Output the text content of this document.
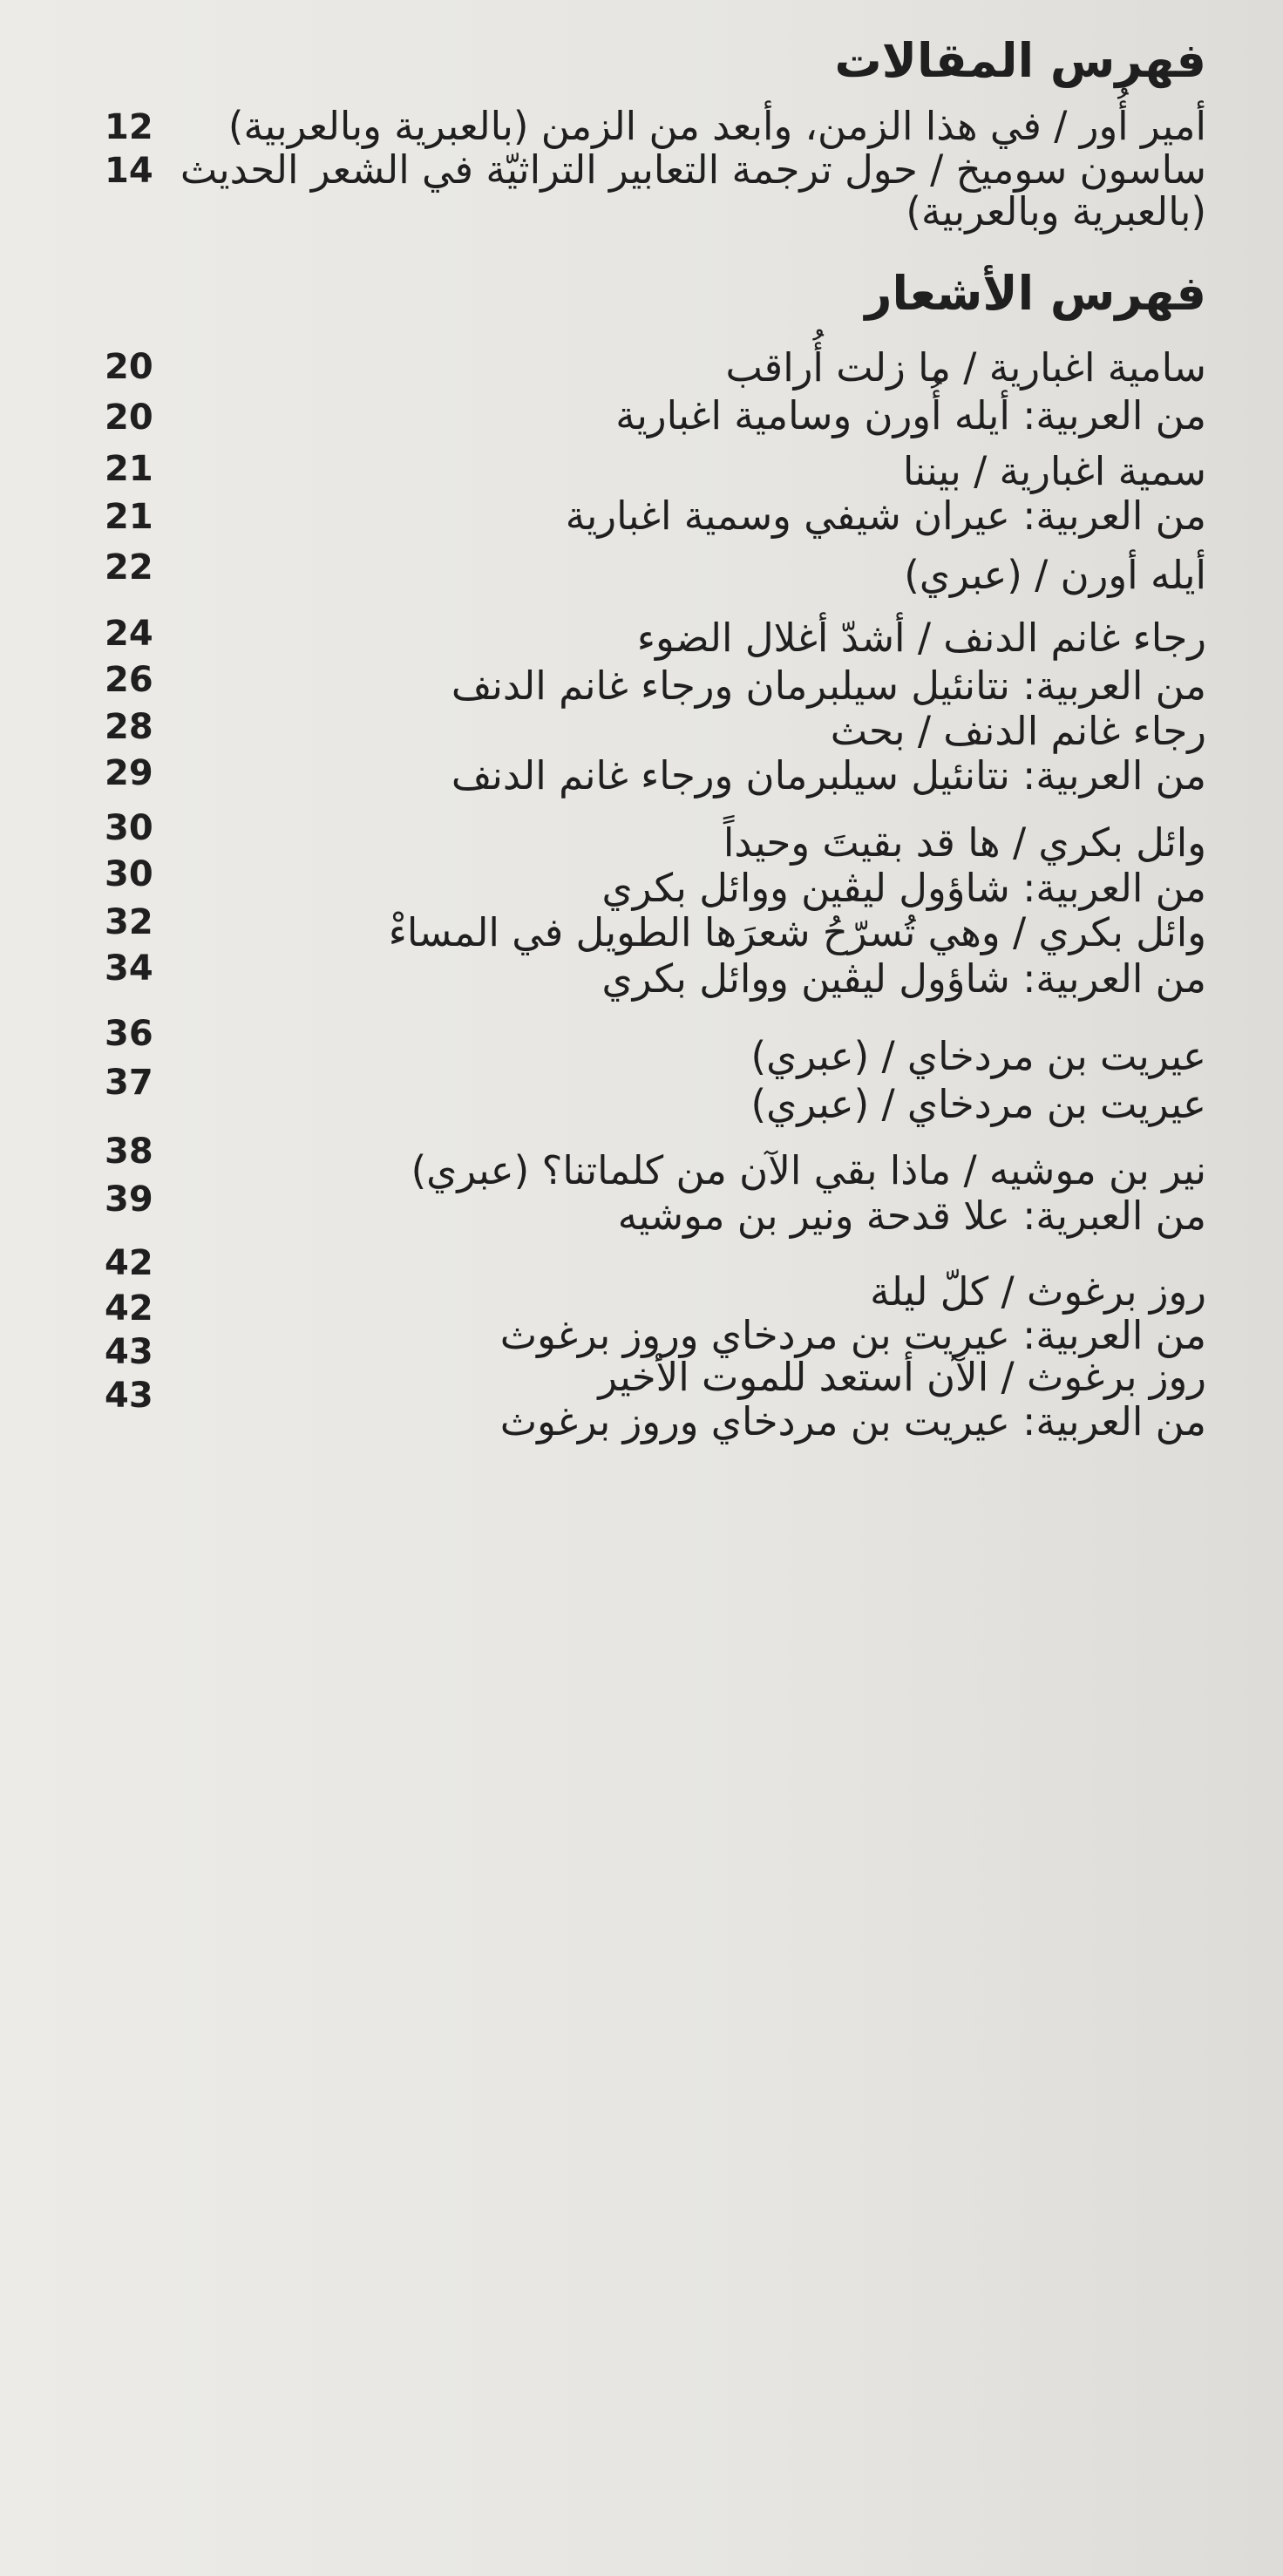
فهرس المقالات
أمير أُور / في هذا الزمن، وأبعد من الزمن (بالعبرية وبالعربية)
12
ساسون سوميخ / حول ترجمة التعابير التراثيّة في الشعر الحديث
14
(بالعبرية وبالعربية)
فهرس الأشعار
سامية اغبارية / ما زلت أُراقب
20
من العربية: أيله أُورن وسامية اغبارية
20
سمية اغبارية / بيننا
21
من العربية: عيران شيفي وسمية اغبارية
21
أيله أورن / (عبري)
22
رجاء غانم الدنف / أشدّ أغلال الضوء
24
من العربية: نتانئيل سيلبرمان ورجاء غانم الدنف
26
رجاء غانم الدنف / بحث
28
من العربية: نتانئيل سيلبرمان ورجاء غانم الدنف
29
وائل بكري / ها قد بقيتَ وحيداً
30
من العربية: شاؤول ليڤين ووائل بكري
30
وائل بكري / وهي تُسرّحُ شعرَها الطويل في المساءْ
32
من العربية: شاؤول ليڤين ووائل بكري
34
عيريت بن مردخاي / (عبري)
36
عيريت بن مردخاي / (عبري)
37
نير بن موشيه / ماذا بقي الآن من كلماتنا؟ (عبري)
38
من العبرية: علا قدحة ونير بن موشيه
39
روز برغوث / كلّ ليلة
42
من العربية: عيريت بن مردخاي وروز برغوث
42
روز برغوث / الآن أستعد للموت الأخير
43
من العربية: عيريت بن مردخاي وروز برغوث
43
